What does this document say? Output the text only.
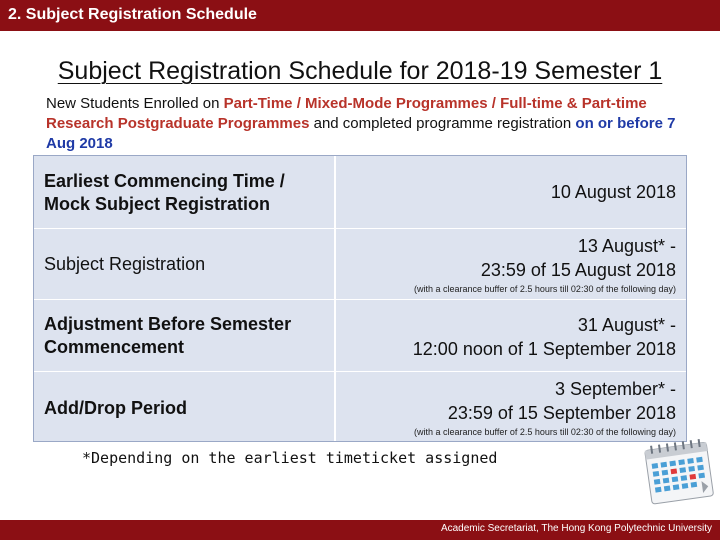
2. Subject Registration Schedule
Subject Registration Schedule for 2018-19 Semester 1
New Students Enrolled on Part-Time / Mixed-Mode Programmes / Full-time & Part-time Research Postgraduate Programmes and completed programme registration on or before 7 Aug 2018
Earliest Commencing Time /
Mock Subject Registration
10 August 2018
Subject Registration
13 August* -
23:59 of 15 August 2018
(with a clearance buffer of 2.5 hours till 02:30 of the following day)
Adjustment Before Semester
Commencement
31 August* -
12:00 noon of 1 September 2018
Add/Drop Period
3 September* -
23:59 of 15 September 2018
(with a clearance buffer of 2.5 hours till 02:30 of the following day)
*Depending on the earliest timeticket assigned
Academic Secretariat, The Hong Kong Polytechnic University
